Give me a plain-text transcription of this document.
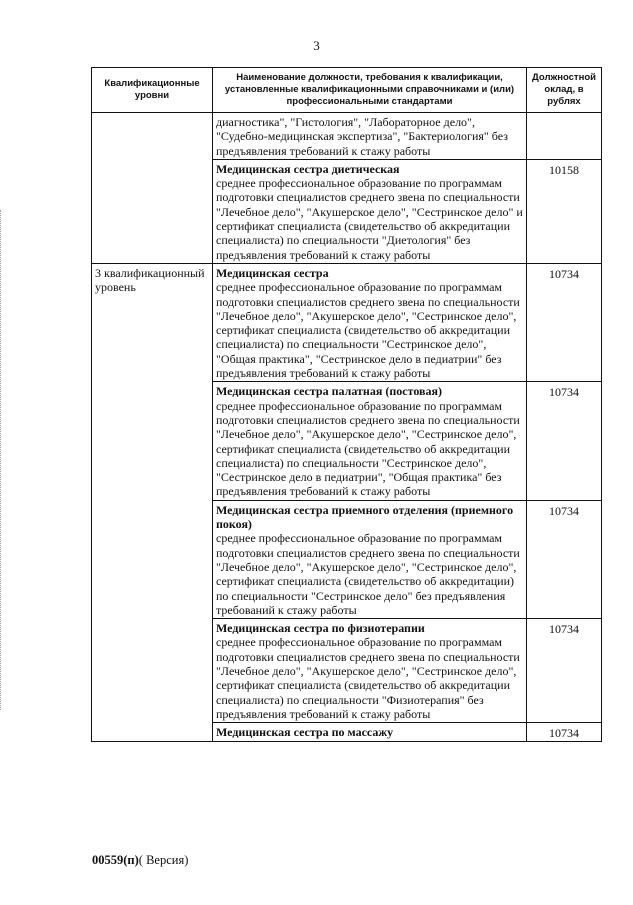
3
Квалификационные уровни	Наименование должности, требования к квалификации, установленные квалификационными справочниками и (или) профессиональными стандартами	Должностной оклад, в рублях

	диагностика", "Гистология", "Лабораторное дело", "Судебно-медицинская экспертиза", "Бактериология" без предъявления требований к стажу работы	

	Медицинская сестра диетическая
среднее профессиональное образование по программам подготовки специалистов среднего звена по специальности "Лечебное дело", "Акушерское дело", "Сестринское дело" и сертификат специалиста (свидетельство об аккредитации специалиста) по специальности "Диетология" без предъявления требований к стажу работы	10158
3 квалификационный уровень	Медицинская сестра
среднее профессиональное образование по программам подготовки специалистов среднего звена по специальности "Лечебное дело", "Акушерское дело", "Сестринское дело", сертификат специалиста (свидетельство об аккредитации специалиста) по специальности "Сестринское дело", "Общая практика", "Сестринское дело в педиатрии" без предъявления требований к стажу работы	10734

	Медицинская сестра палатная (постовая)
среднее профессиональное образование по программам подготовки специалистов среднего звена по специальности "Лечебное дело", "Акушерское дело", "Сестринское дело", сертификат специалиста (свидетельство об аккредитации специалиста) по специальности "Сестринское дело", "Сестринское дело в педиатрии", "Общая практика" без предъявления требований к стажу работы	10734

	Медицинская сестра приемного отделения (приемного покоя)
среднее профессиональное образование по программам подготовки специалистов среднего звена по специальности "Лечебное дело", "Акушерское дело", "Сестринское дело", сертификат специалиста (свидетельство об аккредитации) по специальности "Сестринское дело" без предъявления требований к стажу работы	10734

	Медицинская сестра по физиотерапии
среднее профессиональное образование по программам подготовки специалистов среднего звена по специальности "Лечебное дело", "Акушерское дело", "Сестринское дело", сертификат специалиста (свидетельство об аккредитации специалиста) по специальности "Физиотерапия" без предъявления требований к стажу работы	10734

	Медицинская сестра по массажу	10734
00559(п)( Версия)
